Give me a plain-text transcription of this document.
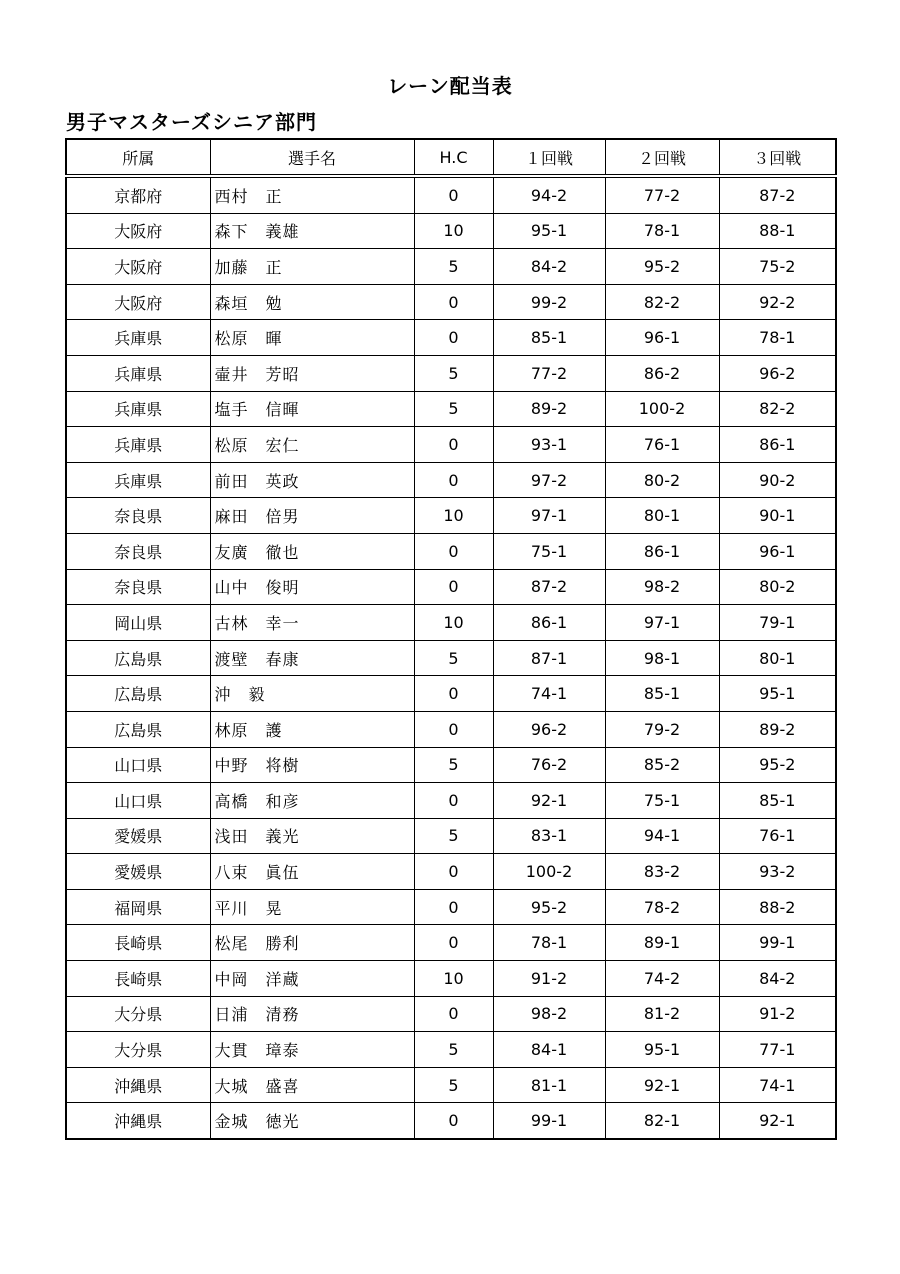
レーン配当表
男子マスターズシニア部門
所属	選手名	H.C	１回戦	２回戦	３回戦
京都府	西村　正	0	94-2	77-2	87-2
大阪府	森下　義雄	10	95-1	78-1	88-1
大阪府	加藤　正	5	84-2	95-2	75-2
大阪府	森垣　勉	0	99-2	82-2	92-2
兵庫県	松原　暉	0	85-1	96-1	78-1
兵庫県	壷井　芳昭	5	77-2	86-2	96-2
兵庫県	塩手　信暉	5	89-2	100-2	82-2
兵庫県	松原　宏仁	0	93-1	76-1	86-1
兵庫県	前田　英政	0	97-2	80-2	90-2
奈良県	麻田　倍男	10	97-1	80-1	90-1
奈良県	友廣　徹也	0	75-1	86-1	96-1
奈良県	山中　俊明	0	87-2	98-2	80-2
岡山県	古林　幸一	10	86-1	97-1	79-1
広島県	渡壁　春康	5	87-1	98-1	80-1
広島県	沖　毅	0	74-1	85-1	95-1
広島県	林原　護	0	96-2	79-2	89-2
山口県	中野　将樹	5	76-2	85-2	95-2
山口県	高橋　和彦	0	92-1	75-1	85-1
愛媛県	浅田　義光	5	83-1	94-1	76-1
愛媛県	八束　眞伍	0	100-2	83-2	93-2
福岡県	平川　晃	0	95-2	78-2	88-2
長崎県	松尾　勝利	0	78-1	89-1	99-1
長崎県	中岡　洋蔵	10	91-2	74-2	84-2
大分県	日浦　清務	0	98-2	81-2	91-2
大分県	大貫　璋泰	5	84-1	95-1	77-1
沖縄県	大城　盛喜	5	81-1	92-1	74-1
沖縄県	金城　徳光	0	99-1	82-1	92-1
